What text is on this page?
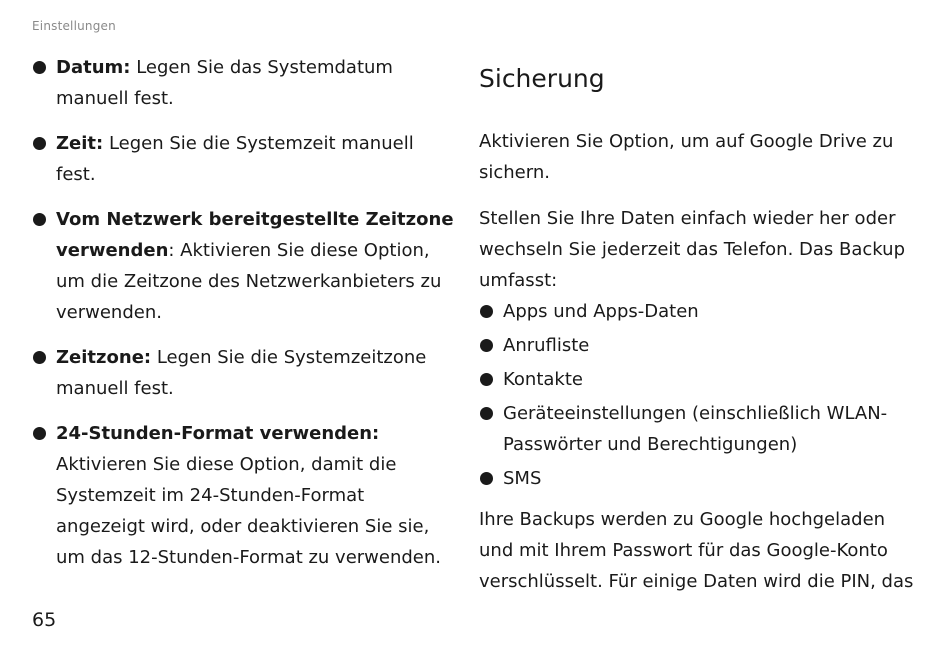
Einstellungen
Datum: Legen Sie das Systemdatum manuell fest.
Zeit: Legen Sie die Systemzeit manuell fest.
Vom Netzwerk bereitgestellte Zeitzone verwenden: Aktivieren Sie diese Option, um die Zeitzone des Netzwerkanbieters zu verwenden.
Zeitzone: Legen Sie die Systemzeitzone manuell fest.
24-Stunden-Format verwenden: Aktivieren Sie diese Option, damit die Systemzeit im 24-Stunden-Format angezeigt wird, oder deaktivieren Sie sie, um das 12-Stunden-Format zu verwenden.
Sicherung

Aktivieren Sie Option, um auf Google Drive zu sichern.

Stellen Sie Ihre Daten einfach wieder her oder wechseln Sie jederzeit das Telefon. Das Backup umfasst:

Apps und Apps-Daten
Anrufliste
Kontakte
Geräteeinstellungen (einschließlich WLAN-Passwörter und Berechtigungen)
SMS

Ihre Backups werden zu Google hochgeladen und mit Ihrem Passwort für das Google-Konto verschlüsselt. Für einige Daten wird die PIN, das

65
